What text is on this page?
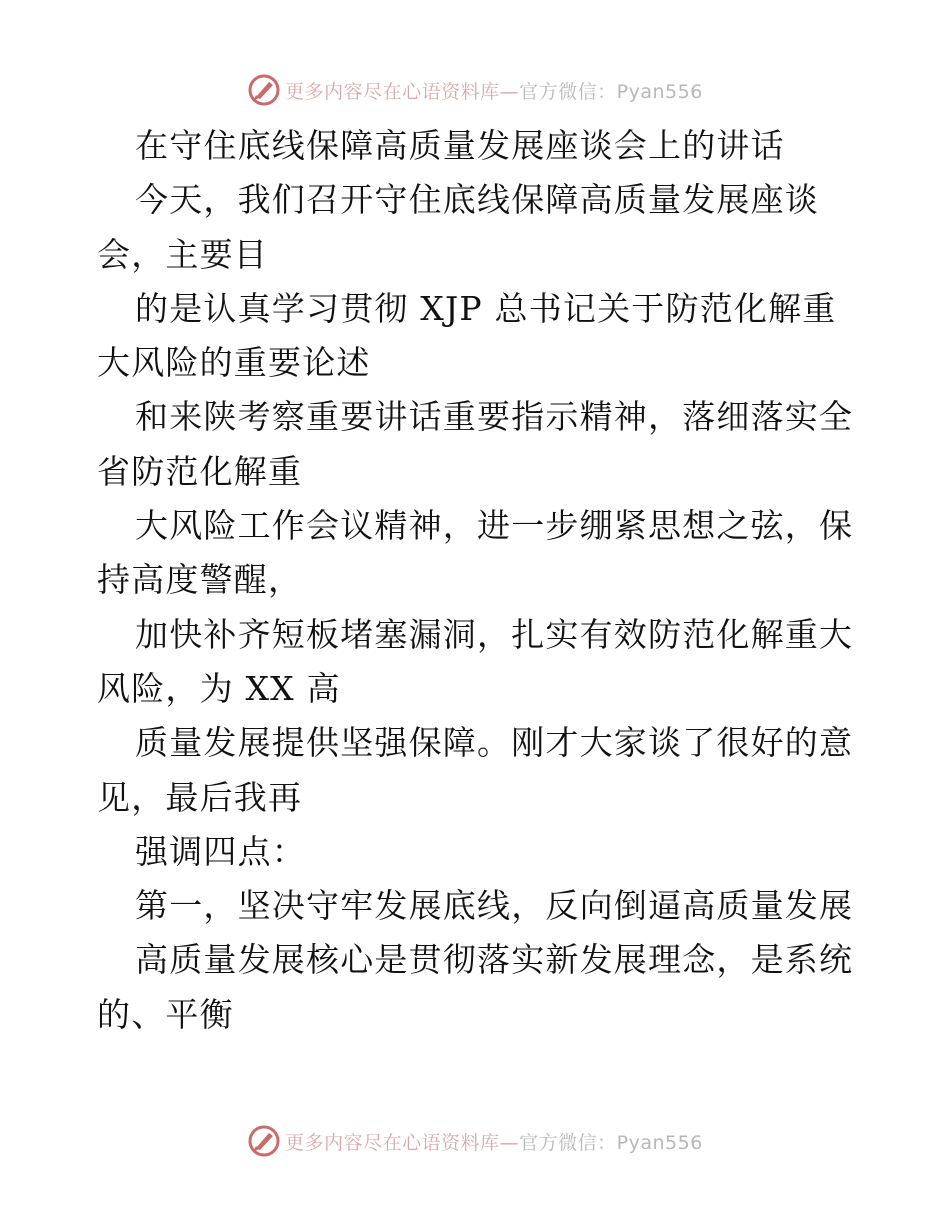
更多内容尽在心语资料库—官方微信：Pyan556
在守住底线保障高质量发展座谈会上的讲话
今天，我们召开守住底线保障高质量发展座谈
会，主要目
的是认真学习贯彻 XJP 总书记关于防范化解重
大风险的重要论述
和来陕考察重要讲话重要指示精神，落细落实全
省防范化解重
大风险工作会议精神，进一步绷紧思想之弦，保
持高度警醒，
加快补齐短板堵塞漏洞，扎实有效防范化解重大
风险，为 XX 高
质量发展提供坚强保障。刚才大家谈了很好的意
见，最后我再
强调四点：
第一，坚决守牢发展底线，反向倒逼高质量发展
高质量发展核心是贯彻落实新发展理念，是系统
的、平衡
更多内容尽在心语资料库—官方微信：Pyan556
